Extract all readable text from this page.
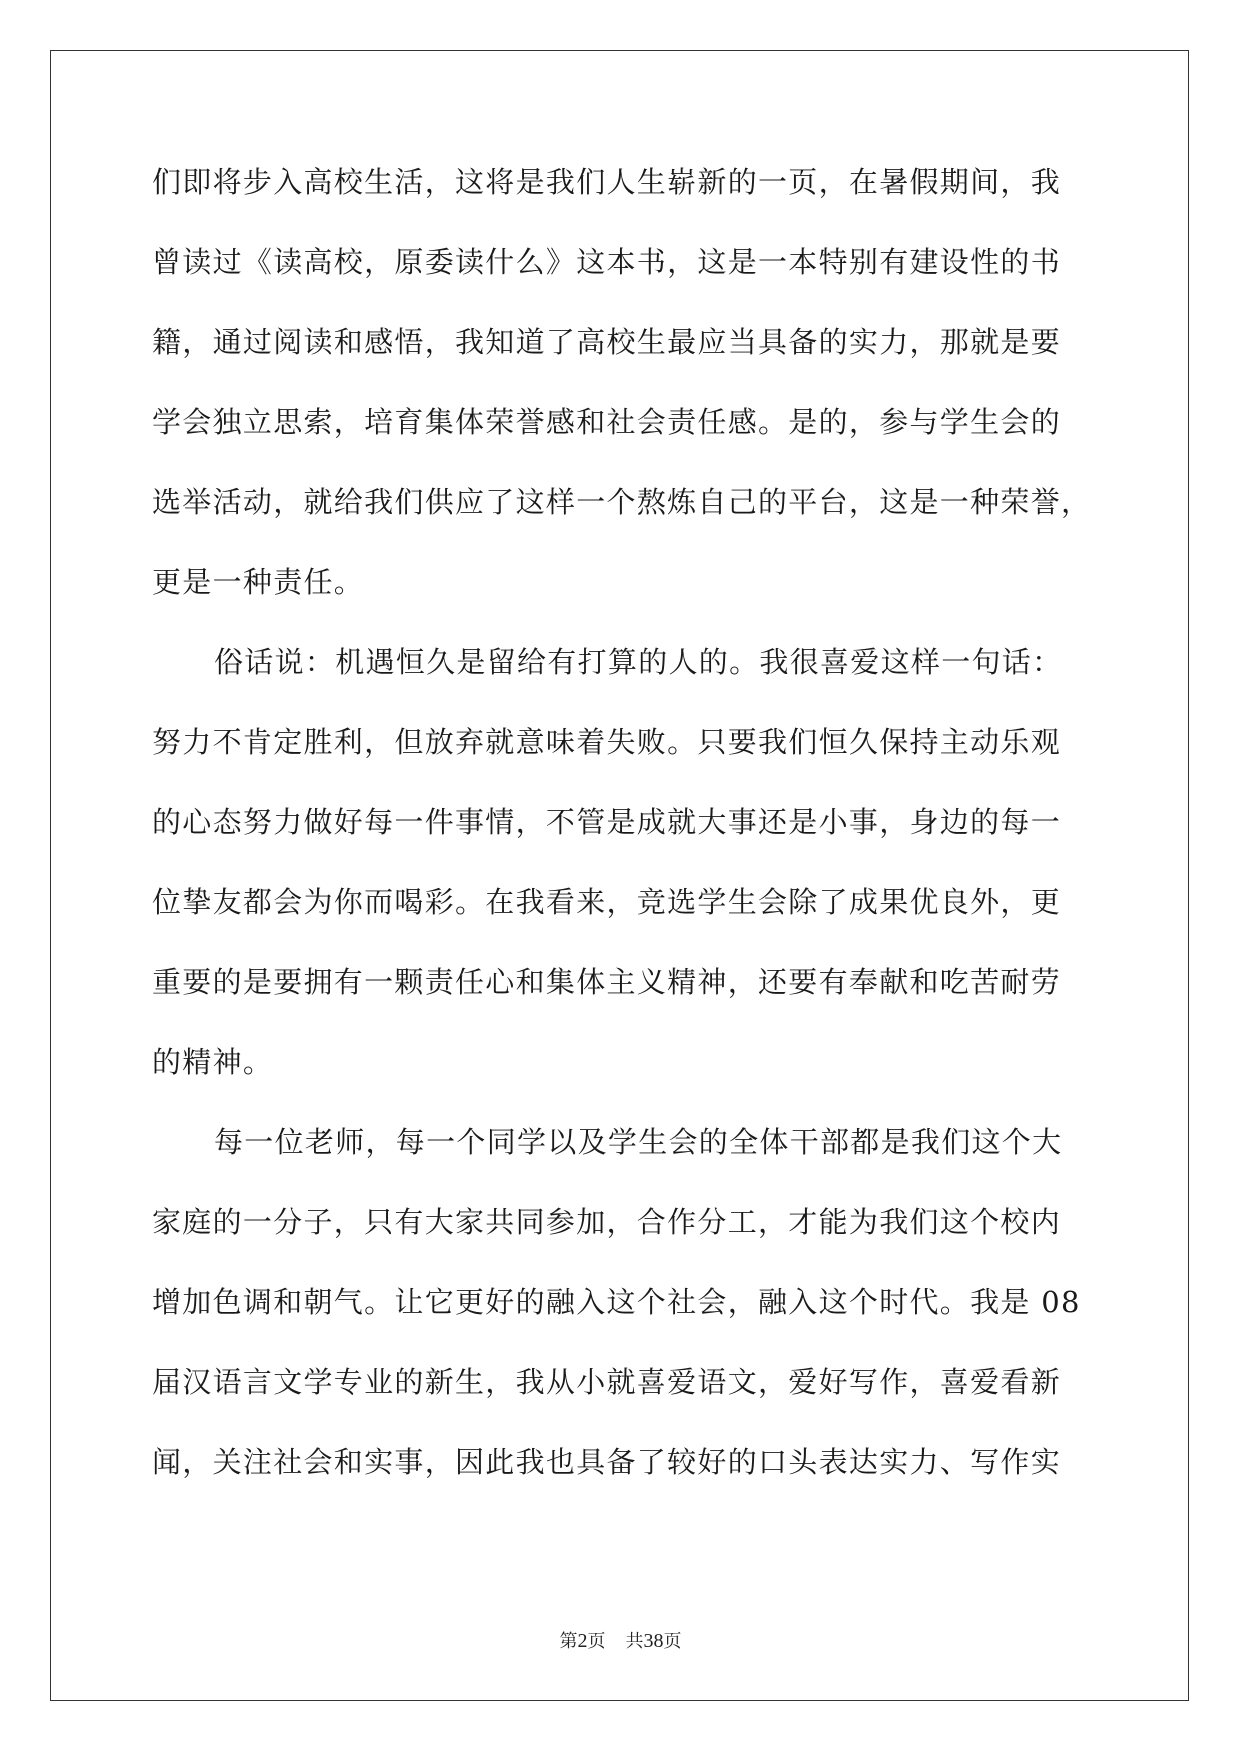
们即将步入高校生活，这将是我们人生崭新的一页，在暑假期间，我
曾读过《读高校，原委读什么》这本书，这是一本特别有建设性的书
籍，通过阅读和感悟，我知道了高校生最应当具备的实力，那就是要
学会独立思索，培育集体荣誉感和社会责任感。是的，参与学生会的
选举活动，就给我们供应了这样一个熬炼自己的平台，这是一种荣誉，
更是一种责任。
俗话说：机遇恒久是留给有打算的人的。我很喜爱这样一句话：
努力不肯定胜利，但放弃就意味着失败。只要我们恒久保持主动乐观
的心态努力做好每一件事情，不管是成就大事还是小事，身边的每一
位挚友都会为你而喝彩。在我看来，竞选学生会除了成果优良外，更
重要的是要拥有一颗责任心和集体主义精神，还要有奉献和吃苦耐劳
的精神。
每一位老师，每一个同学以及学生会的全体干部都是我们这个大
家庭的一分子，只有大家共同参加，合作分工，才能为我们这个校内
增加色调和朝气。让它更好的融入这个社会，融入这个时代。我是 08
届汉语言文学专业的新生，我从小就喜爱语文，爱好写作，喜爱看新
闻，关注社会和实事，因此我也具备了较好的口头表达实力、写作实
第2页 共38页
